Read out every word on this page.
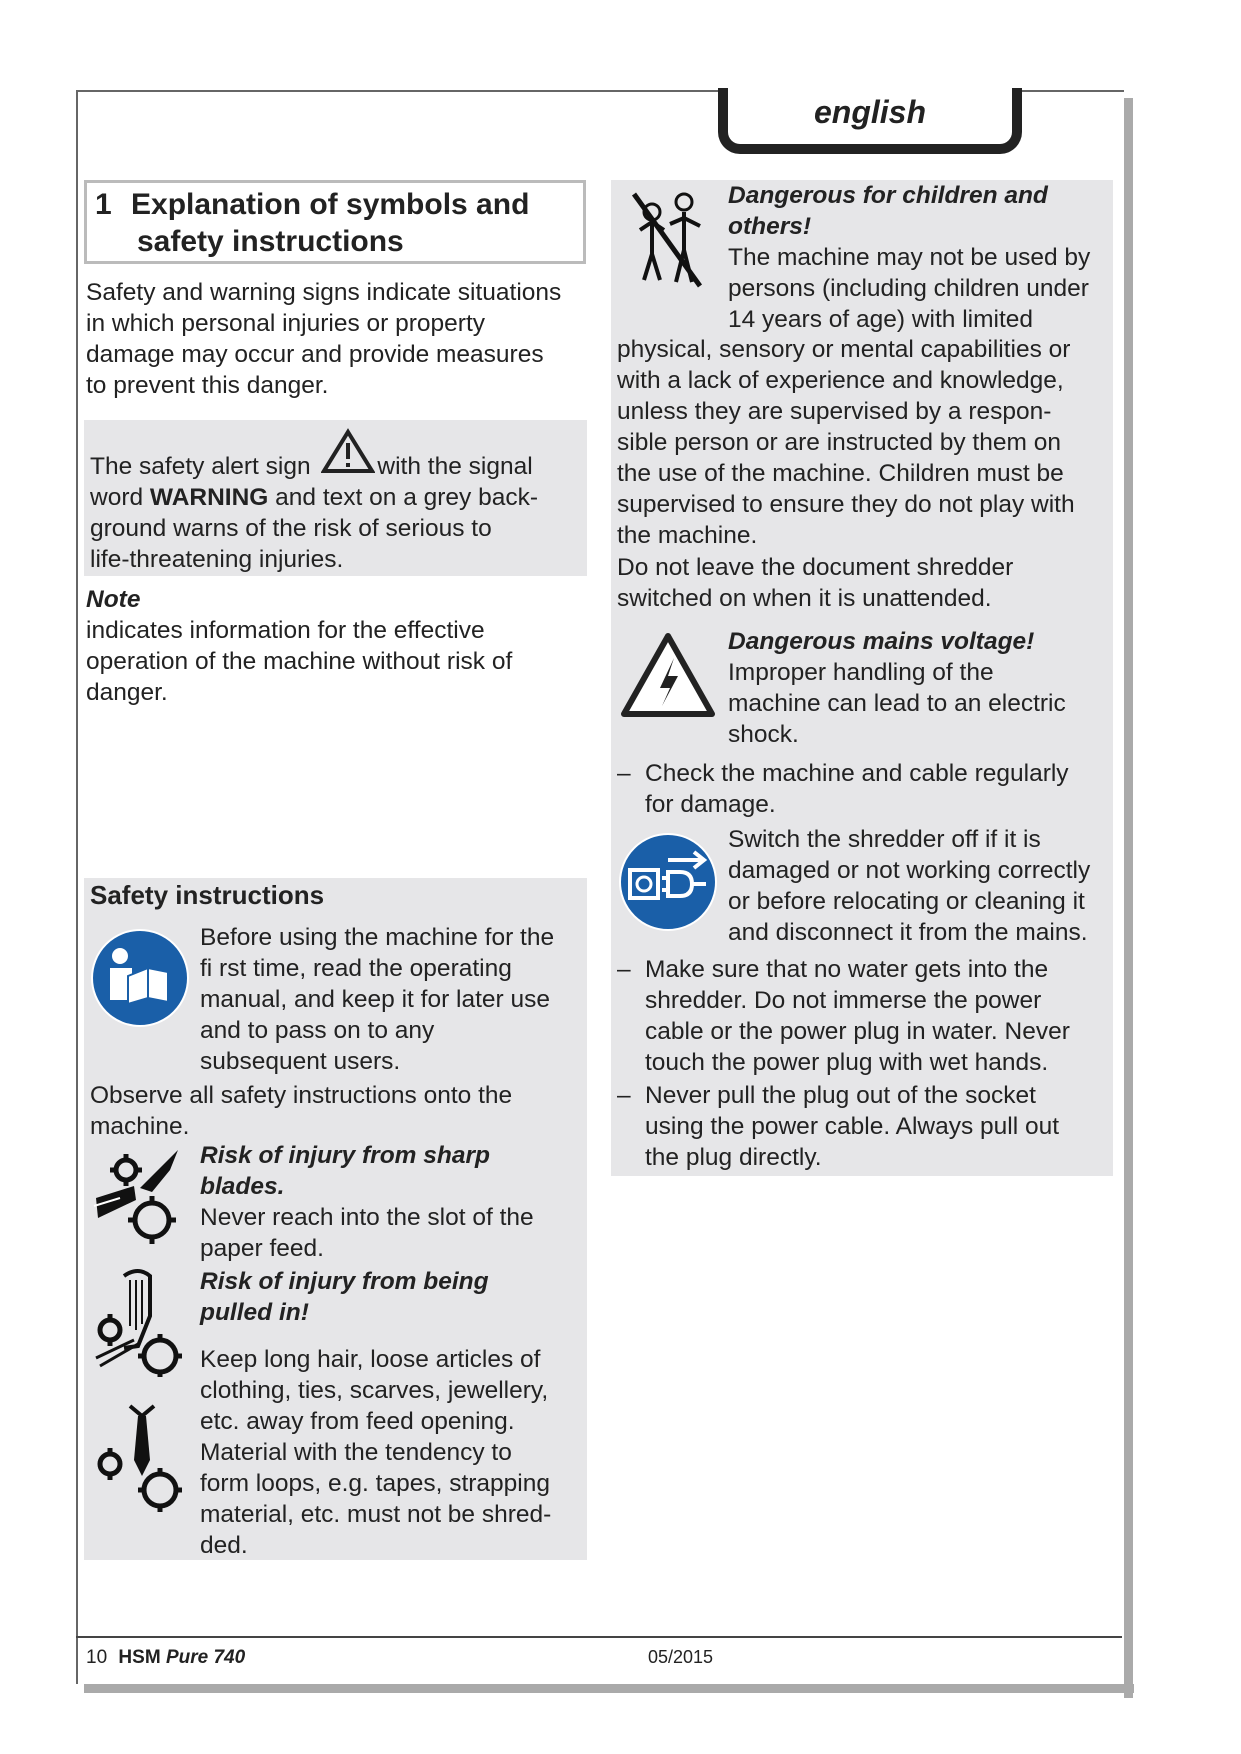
english
1 Explanation of symbols and
safety instructions
Safety and warning signs indicate situations
in which personal injuries or property
damage may occur and provide measures
to prevent this danger.
The safety alert sign	with the signal
word WARNING and text on a grey back-
ground warns of the risk of serious to
life-threatening injuries.
Note
indicates information for the effective
operation of the machine without risk of
danger.
Safety instructions
Before using the machine for the
fi rst time, read the operating
manual, and keep it for later use
and to pass on to any
subsequent users.
Observe all safety instructions onto the
machine.
Risk of injury from sharp
blades.
Never reach into the slot of the
paper feed.
Risk of injury from being
pulled in!
Keep long hair, loose articles of
clothing, ties, scarves, jewellery,
etc. away from feed opening.
Material with the tendency to
form loops, e.g. tapes, strapping
material, etc. must not be shred-
ded.
Dangerous for children and
others!
The machine may not be used by
persons (including children under
14 years of age) with limited
physical, sensory or mental capabilities or
with a lack of experience and knowledge,
unless they are supervised by a respon-
sible person or are instructed by them on
the use of the machine. Children must be
supervised to ensure they do not play with
the machine.
Do not leave the document shredder
switched on when it is unattended.
Dangerous mains voltage!
Improper handling of the
machine can lead to an electric
shock.
– Check the machine and cable regularly
for damage.
Switch the shredder off if it is
damaged or not working correctly
or before relocating or cleaning it
and disconnect it from the mains.
– Make sure that no water gets into the
shredder. Do not immerse the power
cable or the power plug in water. Never
touch the power plug with wet hands.
– Never pull the plug out of the socket
using the power cable. Always pull out
the plug directly.
10 HSM Pure 740	05/2015
